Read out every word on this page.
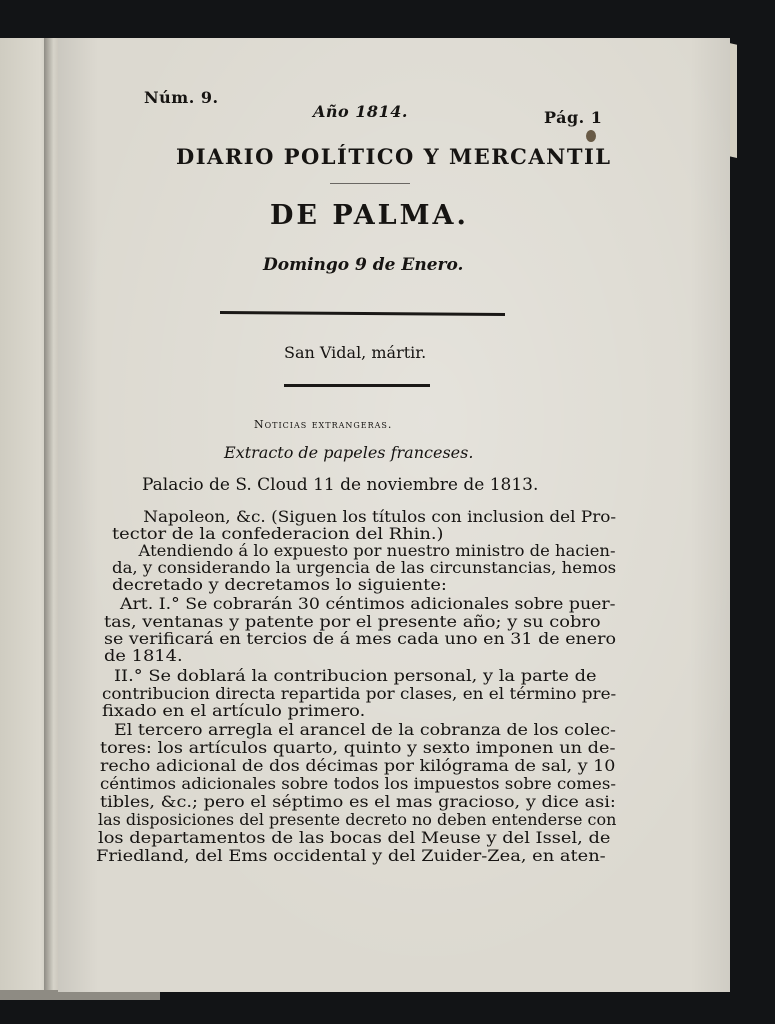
Núm. 9.
Año 1814.	Pág. 1
DIARIO POLÍTICO Y MERCANTIL
DE PALMA.
Domingo 9 de Enero.
San Vidal, mártir.
Noticias extrangeras.
Extracto de papeles franceses.
Palacio de S. Cloud 11 de noviembre de 1813.
Napoleon, &c. (Siguen los títulos con inclusion del Pro-
tector de la confederacion del Rhin.)
Atendiendo á lo expuesto por nuestro ministro de hacien-
da, y considerando la urgencia de las circunstancias, hemos
decretado y decretamos lo siguiente:
Art. I.° Se cobrarán 30 céntimos adicionales sobre puer-
tas, ventanas y patente por el presente año; y su cobro
se verificará en tercios de á mes cada uno en 31 de enero
de 1814.
II.° Se doblará la contribucion personal, y la parte de
contribucion directa repartida por clases, en el término pre-
fixado en el artículo primero.
El tercero arregla el arancel de la cobranza de los colec-
tores: los artículos quarto, quinto y sexto imponen un de-
recho adicional de dos décimas por kilógrama de sal, y 10
céntimos adicionales sobre todos los impuestos sobre comes-
tibles, &c.; pero el séptimo es el mas gracioso, y dice asi:
las disposiciones del presente decreto no deben entenderse con
los departamentos de las bocas del Meuse y del Issel, de
Friedland, del Ems occidental y del Zuider-Zea, en aten-
